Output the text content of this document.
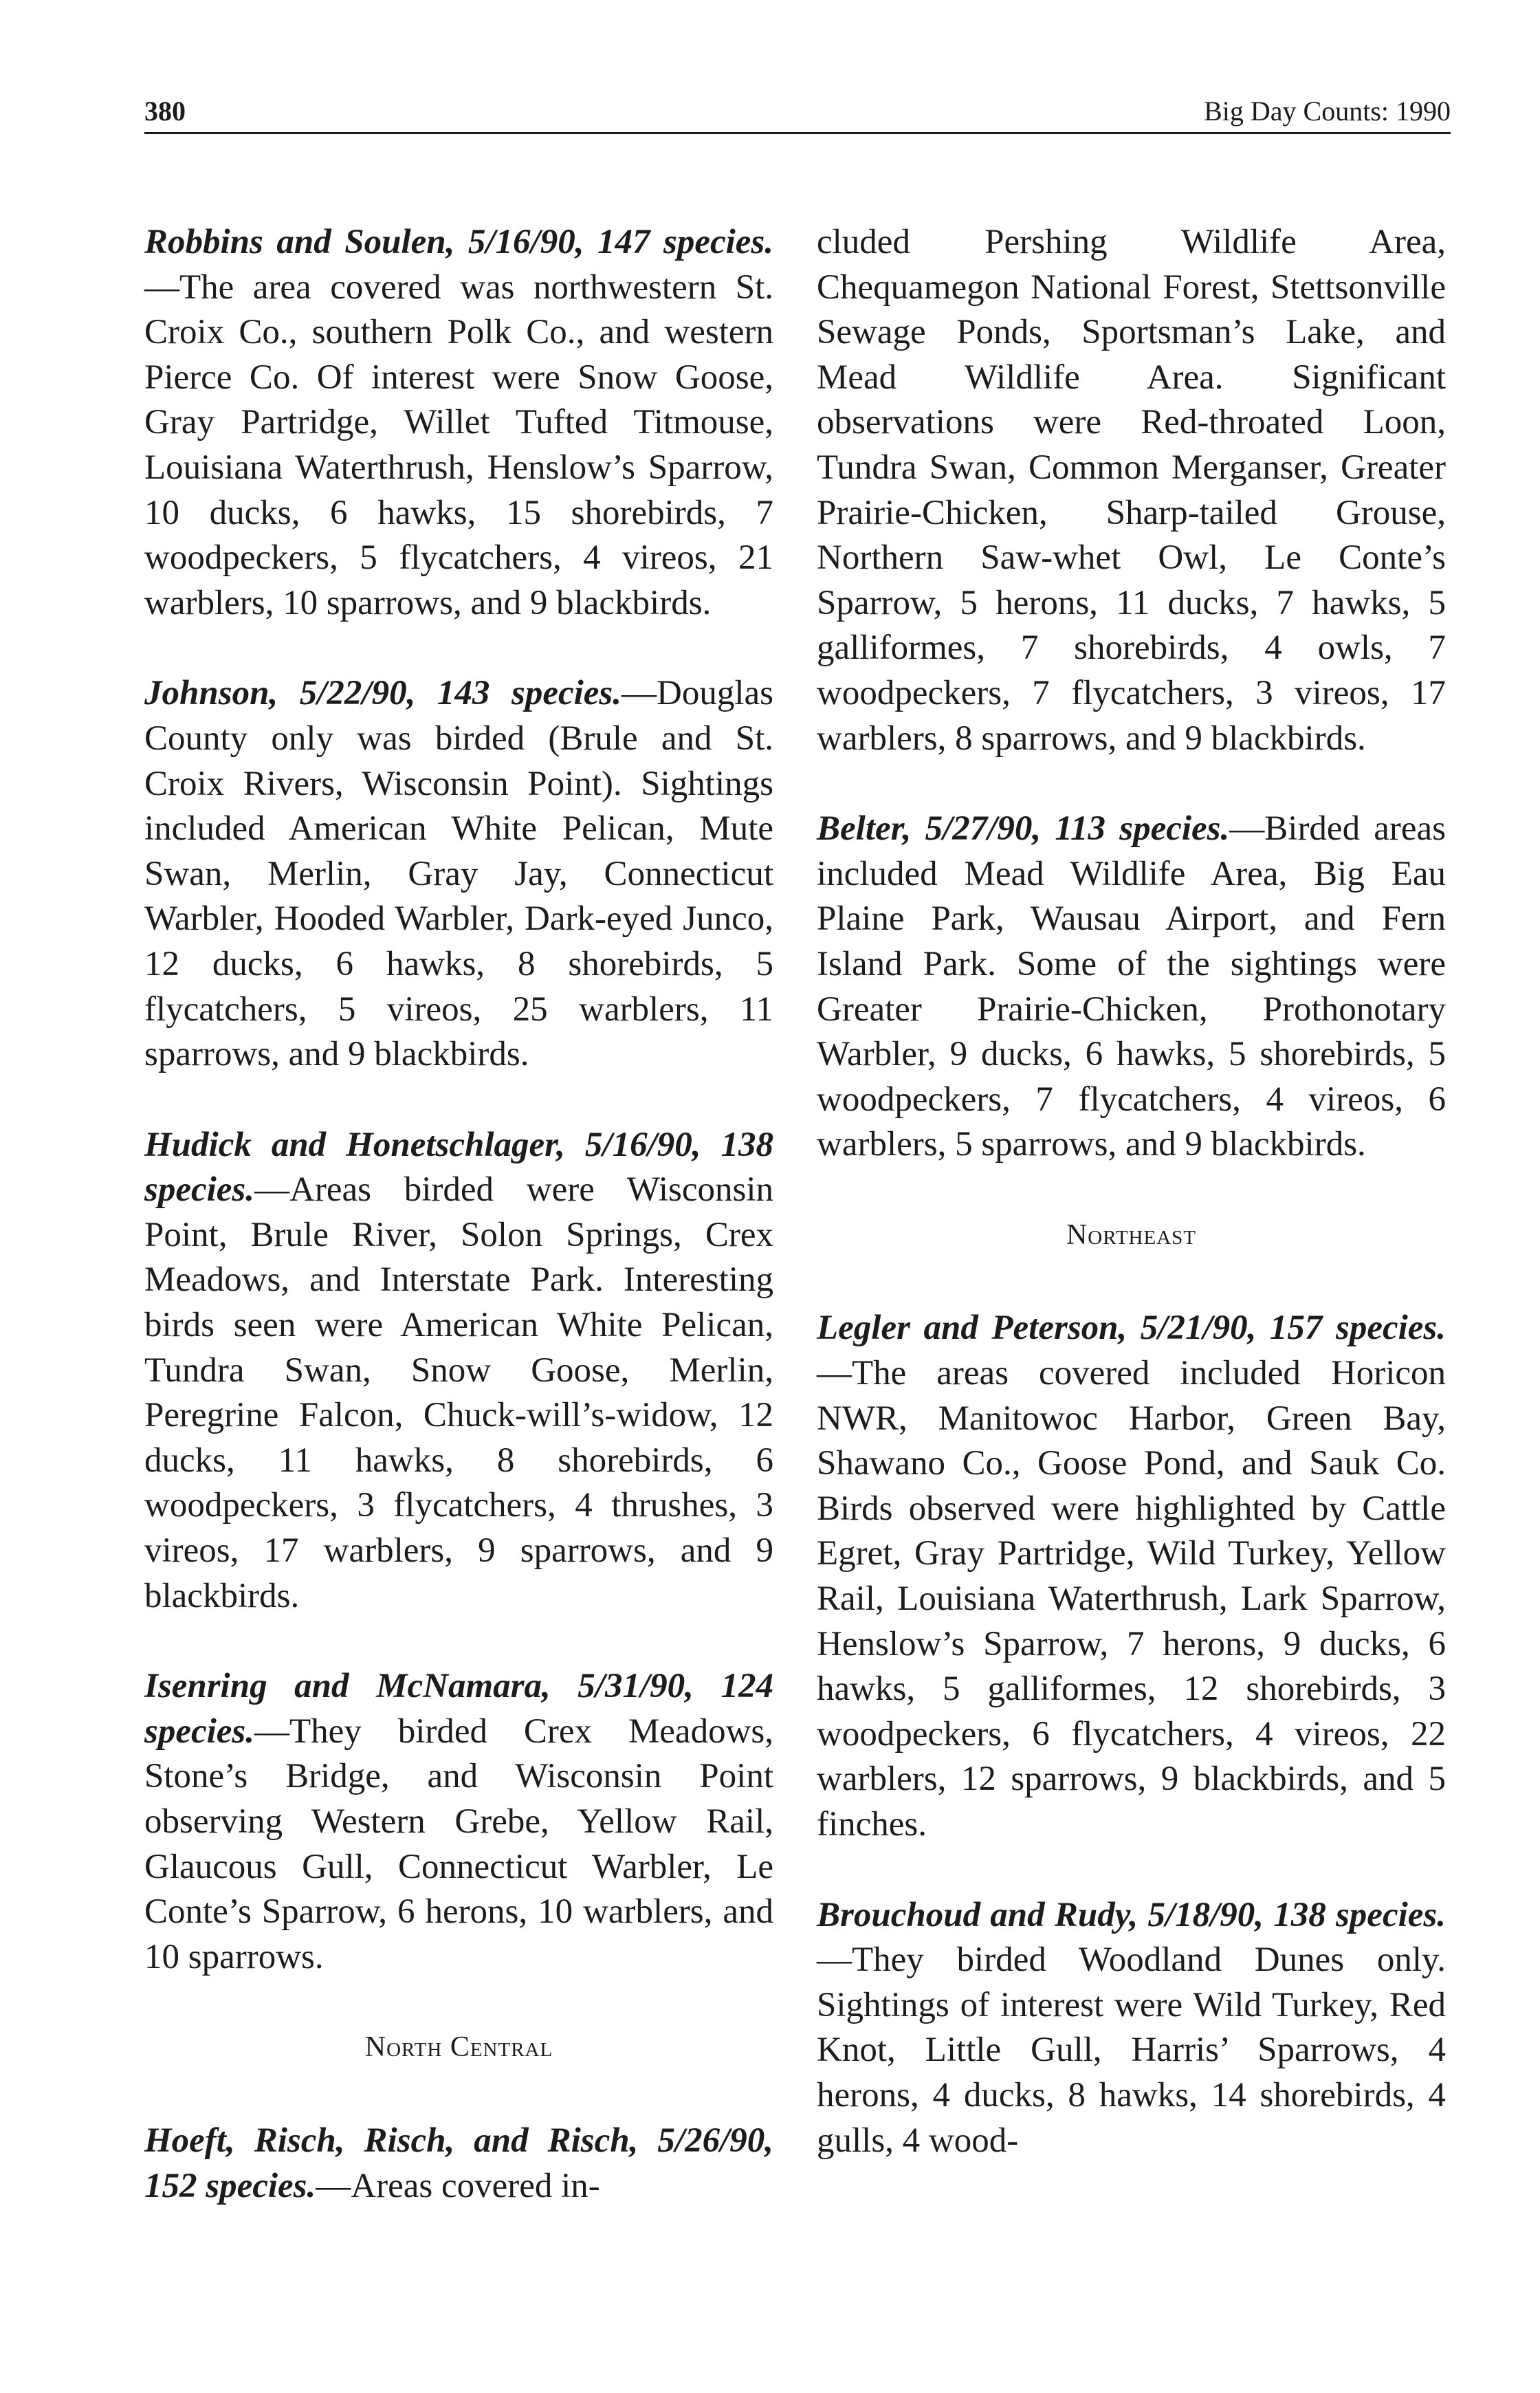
380	Big Day Counts: 1990

Robbins and Soulen, 5/16/90, 147 species.—The area covered was northwestern St. Croix Co., southern Polk Co., and western Pierce Co. Of interest were Snow Goose, Gray Partridge, Willet Tufted Titmouse, Louisiana Waterthrush, Henslow’s Sparrow, 10 ducks, 6 hawks, 15 shorebirds, 7 woodpeckers, 5 flycatchers, 4 vireos, 21 warblers, 10 sparrows, and 9 blackbirds.

Johnson, 5/22/90, 143 species.—Douglas County only was birded (Brule and St. Croix Rivers, Wisconsin Point). Sightings included American White Pelican, Mute Swan, Merlin, Gray Jay, Connecticut Warbler, Hooded Warbler, Dark-eyed Junco, 12 ducks, 6 hawks, 8 shorebirds, 5 flycatchers, 5 vireos, 25 warblers, 11 sparrows, and 9 blackbirds.

Hudick and Honetschlager, 5/16/90, 138 species.—Areas birded were Wisconsin Point, Brule River, Solon Springs, Crex Meadows, and Interstate Park. Interesting birds seen were American White Pelican, Tundra Swan, Snow Goose, Merlin, Peregrine Falcon, Chuck-will’s-widow, 12 ducks, 11 hawks, 8 shorebirds, 6 woodpeckers, 3 flycatchers, 4 thrushes, 3 vireos, 17 warblers, 9 sparrows, and 9 blackbirds.

Isenring and McNamara, 5/31/90, 124 species.—They birded Crex Meadows, Stone’s Bridge, and Wisconsin Point observing Western Grebe, Yellow Rail, Glaucous Gull, Connecticut Warbler, Le Conte’s Sparrow, 6 herons, 10 warblers, and 10 sparrows.

North Central

Hoeft, Risch, Risch, and Risch, 5/26/90, 152 species.—Areas covered in-

cluded Pershing Wildlife Area, Chequamegon National Forest, Stettsonville Sewage Ponds, Sportsman’s Lake, and Mead Wildlife Area. Significant observations were Red-throated Loon, Tundra Swan, Common Merganser, Greater Prairie-Chicken, Sharp-tailed Grouse, Northern Saw-whet Owl, Le Conte’s Sparrow, 5 herons, 11 ducks, 7 hawks, 5 galliformes, 7 shorebirds, 4 owls, 7 woodpeckers, 7 flycatchers, 3 vireos, 17 warblers, 8 sparrows, and 9 blackbirds.

Belter, 5/27/90, 113 species.—Birded areas included Mead Wildlife Area, Big Eau Plaine Park, Wausau Airport, and Fern Island Park. Some of the sightings were Greater Prairie-Chicken, Prothonotary Warbler, 9 ducks, 6 hawks, 5 shorebirds, 5 woodpeckers, 7 flycatchers, 4 vireos, 6 warblers, 5 sparrows, and 9 blackbirds.

Northeast

Legler and Peterson, 5/21/90, 157 species.—The areas covered included Horicon NWR, Manitowoc Harbor, Green Bay, Shawano Co., Goose Pond, and Sauk Co. Birds observed were highlighted by Cattle Egret, Gray Partridge, Wild Turkey, Yellow Rail, Louisiana Waterthrush, Lark Sparrow, Henslow’s Sparrow, 7 herons, 9 ducks, 6 hawks, 5 galliformes, 12 shorebirds, 3 woodpeckers, 6 flycatchers, 4 vireos, 22 warblers, 12 sparrows, 9 blackbirds, and 5 finches.

Brouchoud and Rudy, 5/18/90, 138 species.—They birded Woodland Dunes only. Sightings of interest were Wild Turkey, Red Knot, Little Gull, Harris’ Sparrows, 4 herons, 4 ducks, 8 hawks, 14 shorebirds, 4 gulls, 4 wood-
